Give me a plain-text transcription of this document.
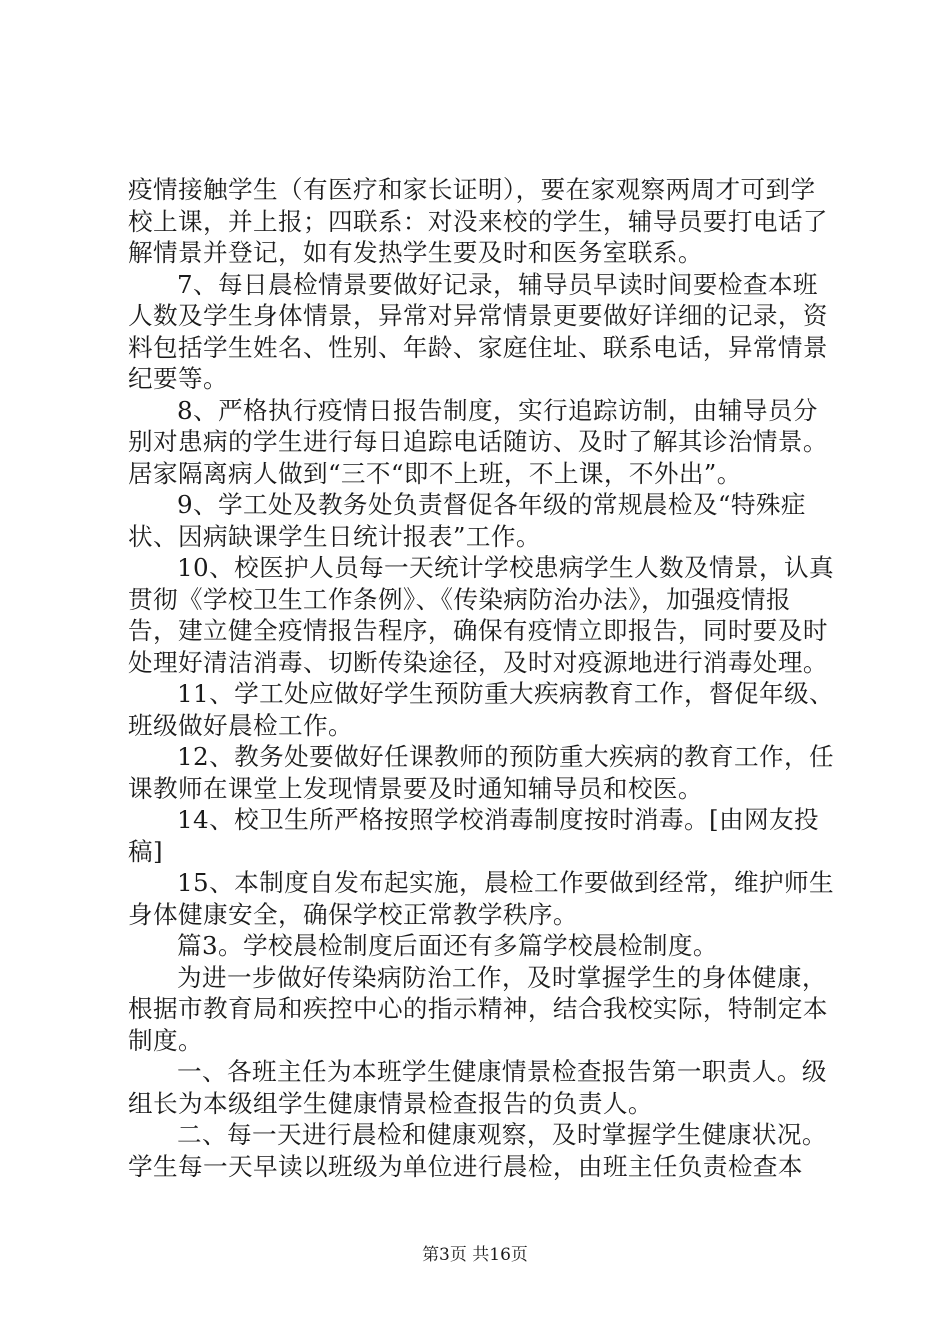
疫情接触学生（有医疗和家长证明），要在家观察两周才可到学校上课，并上报；四联系：对没来校的学生，辅导员要打电话了解情景并登记，如有发热学生要及时和医务室联系。

7、每日晨检情景要做好记录，辅导员早读时间要检查本班人数及学生身体情景，异常对异常情景更要做好详细的记录，资料包括学生姓名、性别、年龄、家庭住址、联系电话，异常情景纪要等。

8、严格执行疫情日报告制度，实行追踪访制，由辅导员分别对患病的学生进行每日追踪电话随访、及时了解其诊治情景。居家隔离病人做到“三不“即不上班，不上课，不外出”。

9、学工处及教务处负责督促各年级的常规晨检及“特殊症状、因病缺课学生日统计报表”工作。

10、校医护人员每一天统计学校患病学生人数及情景，认真贯彻《学校卫生工作条例》、《传染病防治办法》，加强疫情报告，建立健全疫情报告程序，确保有疫情立即报告，同时要及时处理好清洁消毒、切断传染途径，及时对疫源地进行消毒处理。

11、学工处应做好学生预防重大疾病教育工作，督促年级、班级做好晨检工作。

12、教务处要做好任课教师的预防重大疾病的教育工作，任课教师在课堂上发现情景要及时通知辅导员和校医。

14、校卫生所严格按照学校消毒制度按时消毒。[由网友投稿]

15、本制度自发布起实施，晨检工作要做到经常，维护师生身体健康安全，确保学校正常教学秩序。

篇3。学校晨检制度后面还有多篇学校晨检制度。

为进一步做好传染病防治工作，及时掌握学生的身体健康，根据市教育局和疾控中心的指示精神，结合我校实际，特制定本制度。

一、各班主任为本班学生健康情景检查报告第一职责人。级组长为本级组学生健康情景检查报告的负责人。

二、每一天进行晨检和健康观察，及时掌握学生健康状况。学生每一天早读以班级为单位进行晨检，由班主任负责检查本

第3页 共16页
